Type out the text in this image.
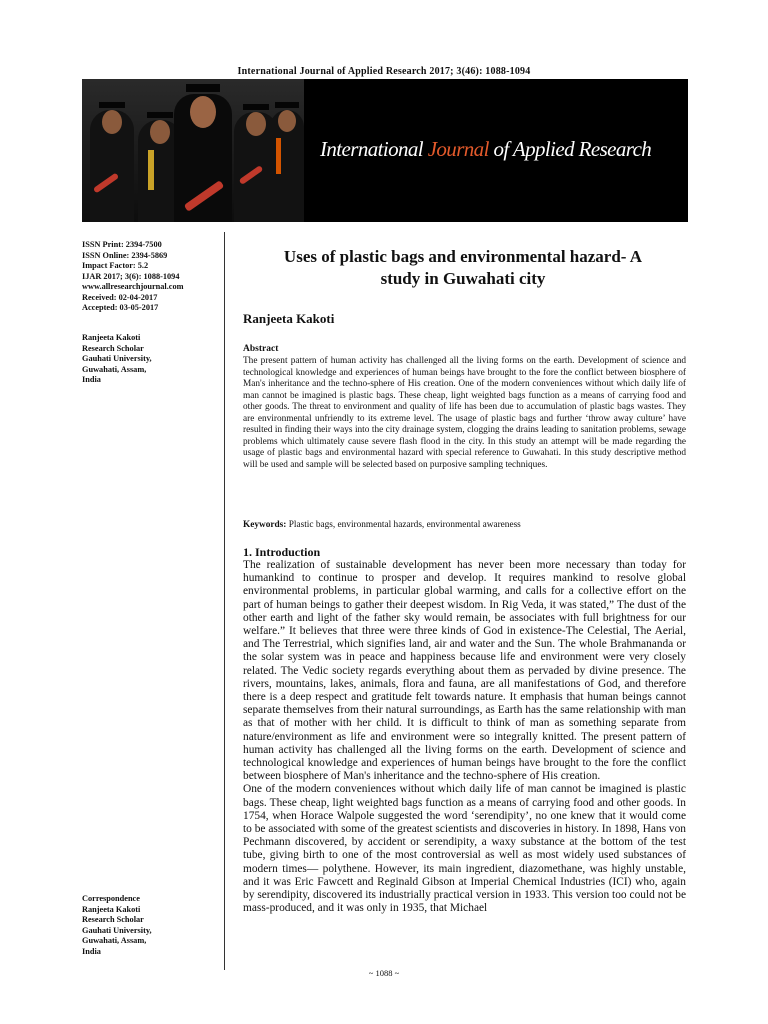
International Journal of Applied Research 2017; 3(46): 1088-1094
International Journal of Applied Research
ISSN Print: 2394-7500
ISSN Online: 2394-5869
Impact Factor: 5.2
IJAR 2017; 3(6): 1088-1094
www.allresearchjournal.com
Received: 02-04-2017
Accepted: 03-05-2017
Ranjeeta Kakoti
Research Scholar
Gauhati University,
Guwahati, Assam,
India
Correspondence
Ranjeeta Kakoti
Research Scholar
Gauhati University,
Guwahati, Assam,
India
Uses of plastic bags and environmental hazard- A
study in Guwahati city
Ranjeeta Kakoti
Abstract
The present pattern of human activity has challenged all the living forms on the earth. Development of science and technological knowledge and experiences of human beings have brought to the fore the conflict between biosphere of Man's inheritance and the techno-sphere of His creation. One of the modern conveniences without which daily life of man cannot be imagined is plastic bags. These cheap, light weighted bags function as a means of carrying food and other goods. The threat to environment and quality of life has been due to accumulation of plastic bags wastes. They are environmental unfriendly to its extreme level. The usage of plastic bags and further ‘throw away culture’ have resulted in finding their ways into the city drainage system, clogging the drains leading to sanitation problems, sewage problems which ultimately cause severe flash flood in the city. In this study an attempt will be made regarding the usage of plastic bags and environmental hazard with special reference to Guwahati. In this study descriptive method will be used and sample will be selected based on purposive sampling techniques.
Keywords: Plastic bags, environmental hazards, environmental awareness
1. Introduction

The realization of sustainable development has never been more necessary than today for humankind to continue to prosper and develop. It requires mankind to resolve global environmental problems, in particular global warming, and calls for a collective effort on the part of human beings to gather their deepest wisdom. In Rig Veda, it was stated,” The dust of the other earth and light of the father sky would remain, be associates with full brightness for our welfare.” It believes that three were three kinds of God in existence-The Celestial, The Aerial, and The Terrestrial, which signifies land, air and water and the Sun. The whole Brahmananda or the solar system was in peace and happiness because life and environment were very closely related. The Vedic society regards everything about them as pervaded by divine presence. The rivers, mountains, lakes, animals, flora and fauna, are all manifestations of God, and therefore there is a deep respect and gratitude felt towards nature. It emphasis that human beings cannot separate themselves from their natural surroundings, as Earth has the same relationship with man as that of mother with her child. It is difficult to think of man as something separate from nature/environment as life and environment were so integrally knitted. The present pattern of human activity has challenged all the living forms on the earth. Development of science and technological knowledge and experiences of human beings have brought to the fore the conflict between biosphere of Man's inheritance and the techno-sphere of His creation.

One of the modern conveniences without which daily life of man cannot be imagined is plastic bags. These cheap, light weighted bags function as a means of carrying food and other goods. In 1754, when Horace Walpole suggested the word ‘serendipity’, no one knew that it would come to be associated with some of the greatest scientists and discoveries in history. In 1898, Hans von Pechmann discovered, by accident or serendipity, a waxy substance at the bottom of the test tube, giving birth to one of the most controversial as well as most widely used substances of modern times— polythene. However, its main ingredient, diazomethane, was highly unstable, and it was Eric Fawcett and Reginald Gibson at Imperial Chemical Industries (ICI) who, again by serendipity, discovered its industrially practical version in 1933. This version too could not be mass-produced, and it was only in 1935, that Michael

~ 1088 ~
